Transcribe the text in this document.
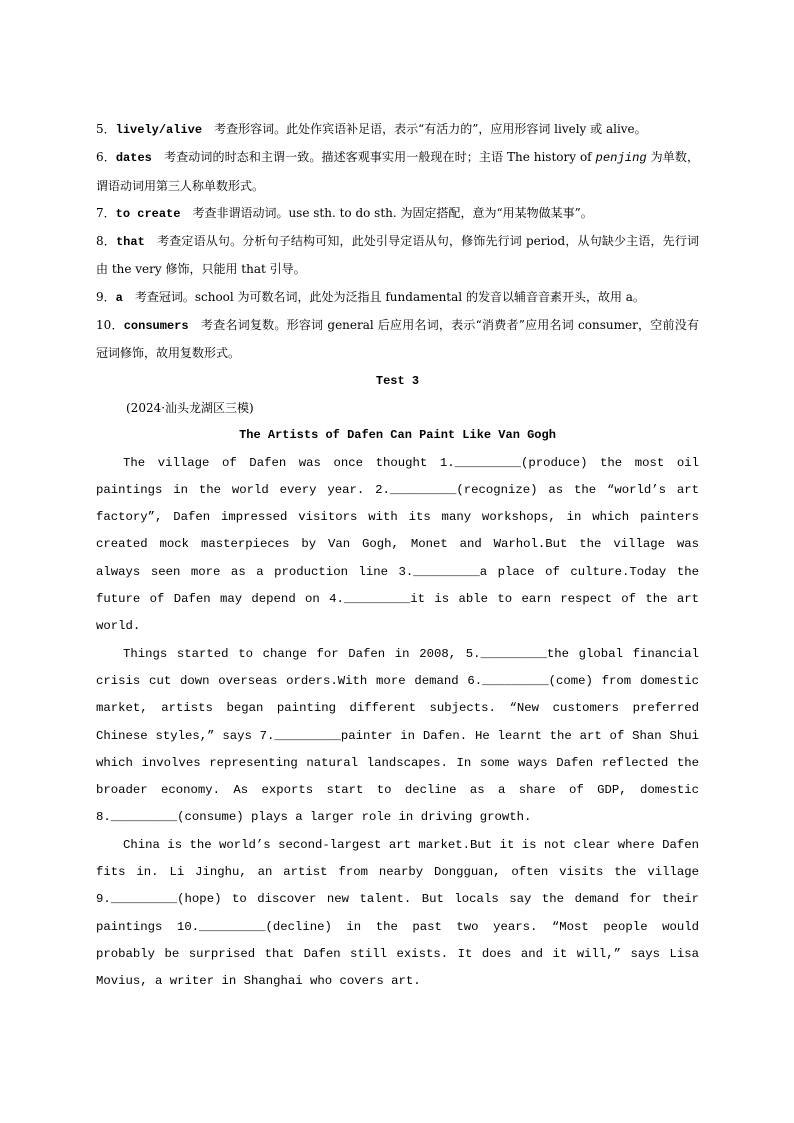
5．lively/alive　考查形容词。此处作宾语补足语，表示“有活力的”，应用形容词 lively 或 alive。

6．dates　考查动词的时态和主谓一致。描述客观事实用一般现在时；主语 The history of penjing 为单数，谓语动词用第三人称单数形式。

7．to create　考查非谓语动词。use sth. to do sth. 为固定搭配，意为“用某物做某事”。

8．that　考查定语从句。分析句子结构可知，此处引导定语从句，修饰先行词 period，从句缺少主语，先行词由 the very 修饰，只能用 that 引导。

9．a　考查冠词。school 为可数名词，此处为泛指且 fundamental 的发音以辅音音素开头，故用 a。

10．consumers　考查名词复数。形容词 general 后应用名词，表示“消费者”应用名词 consumer，空前没有冠词修饰，故用复数形式。

Test 3

(2024·汕头龙湖区三模)

The Artists of Dafen Can Paint Like Van Gogh

The village of Dafen was once thought 1._________(produce) the most oil paintings in the world every year. 2._________(recognize) as the “world’s art factory”, Dafen impressed visitors with its many workshops, in which painters created mock masterpieces by Van Gogh, Monet and Warhol.But the village was always seen more as a production line 3._________a place of culture.Today the future of Dafen may depend on 4._________it is able to earn respect of the art world.

Things started to change for Dafen in 2008, 5._________the global financial crisis cut down overseas orders.With more demand 6._________(come) from domestic market, artists began painting different subjects. “New customers preferred Chinese styles,” says 7._________painter in Dafen. He learnt the art of Shan Shui which involves representing natural landscapes. In some ways Dafen reflected the broader economy. As exports start to decline as a share of GDP, domestic 8._________(consume) plays a larger role in driving growth.

China is the world’s second-largest art market.But it is not clear where Dafen fits in. Li Jinghu, an artist from nearby Dongguan, often visits the village 9._________(hope) to discover new talent. But locals say the demand for their paintings 10._________(decline) in the past two years. “Most people would probably be surprised that Dafen still exists. It does and it will,” says Lisa Movius, a writer in Shanghai who covers art.
